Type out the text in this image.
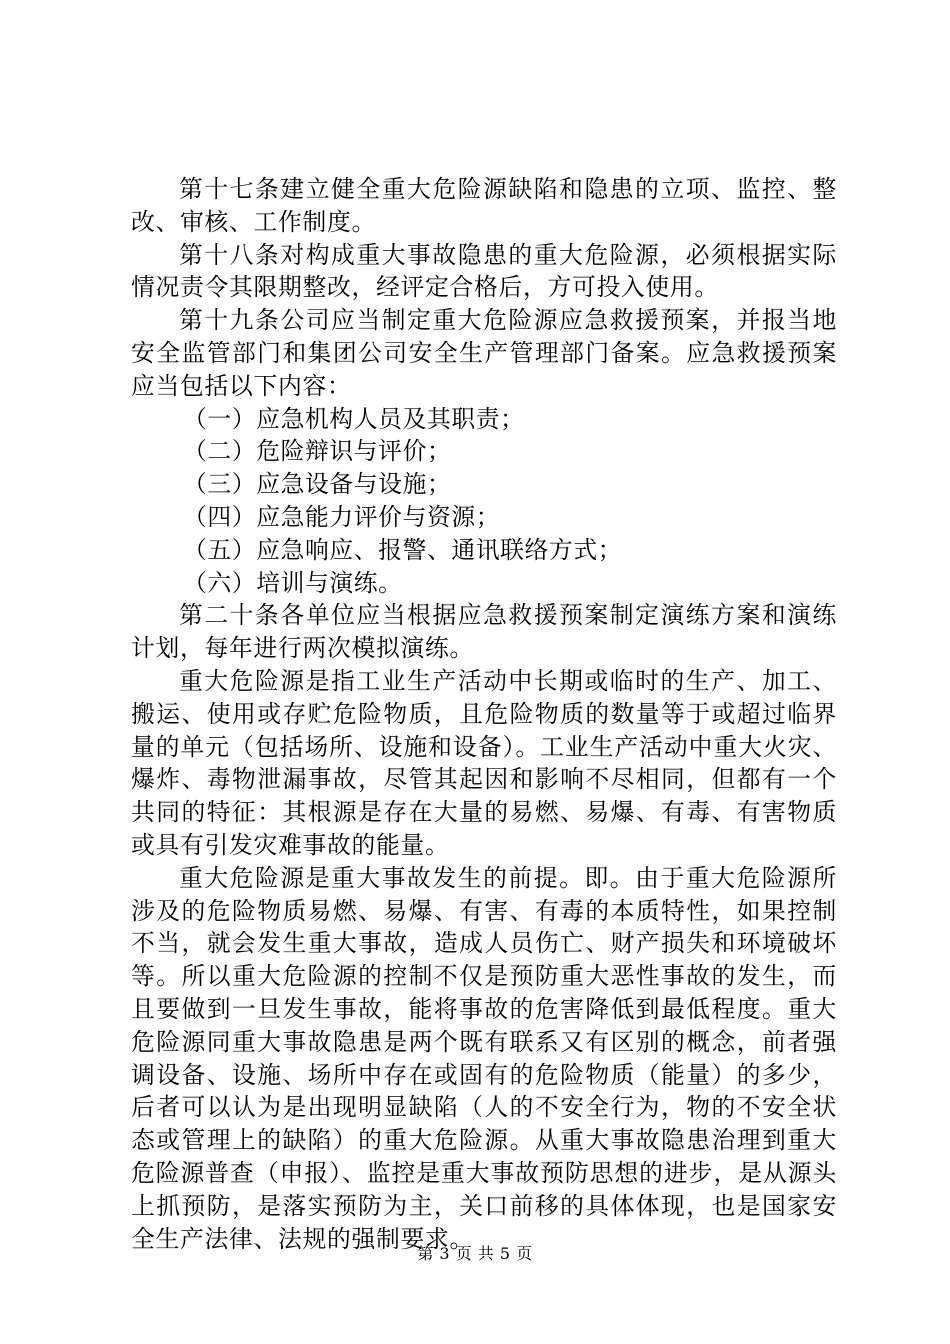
第十七条建立健全重大危险源缺陷和隐患的立项、监控、整改、审核、工作制度。

第十八条对构成重大事故隐患的重大危险源，必须根据实际情况责令其限期整改，经评定合格后，方可投入使用。

第十九条公司应当制定重大危险源应急救援预案，并报当地安全监管部门和集团公司安全生产管理部门备案。应急救援预案应当包括以下内容：

（一）应急机构人员及其职责；

（二）危险辩识与评价；

（三）应急设备与设施；

（四）应急能力评价与资源；

（五）应急响应、报警、通讯联络方式；

（六）培训与演练。

第二十条各单位应当根据应急救援预案制定演练方案和演练计划，每年进行两次模拟演练。

重大危险源是指工业生产活动中长期或临时的生产、加工、搬运、使用或存贮危险物质，且危险物质的数量等于或超过临界量的单元（包括场所、设施和设备）。工业生产活动中重大火灾、爆炸、毒物泄漏事故，尽管其起因和影响不尽相同，但都有一个共同的特征：其根源是存在大量的易燃、易爆、有毒、有害物质或具有引发灾难事故的能量。

重大危险源是重大事故发生的前提。即。由于重大危险源所涉及的危险物质易燃、易爆、有害、有毒的本质特性，如果控制不当，就会发生重大事故，造成人员伤亡、财产损失和环境破坏等。所以重大危险源的控制不仅是预防重大恶性事故的发生，而且要做到一旦发生事故，能将事故的危害降低到最低程度。重大危险源同重大事故隐患是两个既有联系又有区别的概念，前者强调设备、设施、场所中存在或固有的危险物质（能量）的多少，后者可以认为是出现明显缺陷（人的不安全行为，物的不安全状态或管理上的缺陷）的重大危险源。从重大事故隐患治理到重大危险源普查（申报）、监控是重大事故预防思想的进步，是从源头上抓预防，是落实预防为主，关口前移的具体体现，也是国家安全生产法律、法规的强制要求。

第 3 页 共 5 页
